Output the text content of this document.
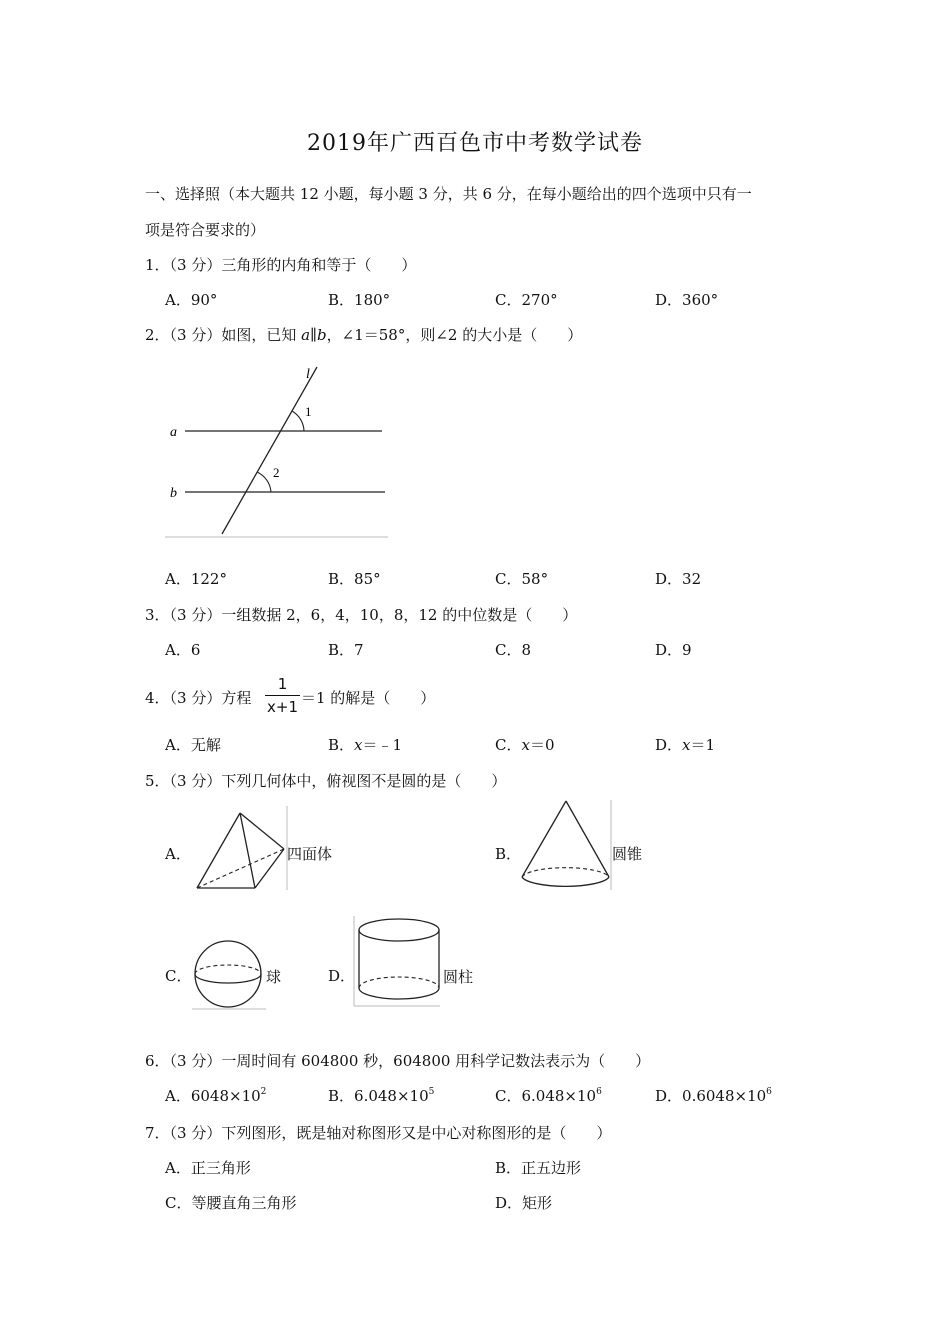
2019年广西百色市中考数学试卷
一、选择照（本大题共 12 小题，每小题 3 分，共 6 分，在每小题给出的四个选项中只有一
项是符合要求的）
1．（3 分）三角形的内角和等于（　　）
A．90°	B．180°	C．270°	D．360°
2．（3 分）如图，已知 a∥b，∠1＝58°，则∠2 的大小是（　　）
l
a
b
1
2
A．122°	B．85°	C．58°	D．32
3．（3 分）一组数据 2，6，4，10，8，12 的中位数是（　　）
A．6	B．7	C．8	D．9
4．（3 分）方程
1
x+1 ＝1 的解是（　　）
A．无解	B．x＝﹣1	C．x＝0	D．x＝1
5．（3 分）下列几何体中，俯视图不是圆的是（　　）
A．	四面体	B．	圆锥
C．	球	D．	圆柱
6．（3 分）一周时间有 604800 秒，604800 用科学记数法表示为（　　）
A．$6048\times 10^2$	B．$6.048\times 10^5$	C．$6.048\times 10^6$	D．$0.6048\times 10^6$
7．（3 分）下列图形，既是轴对称图形又是中心对称图形的是（　　）
A．正三角形	B．正五边形
C．等腰直角三角形	D．矩形
